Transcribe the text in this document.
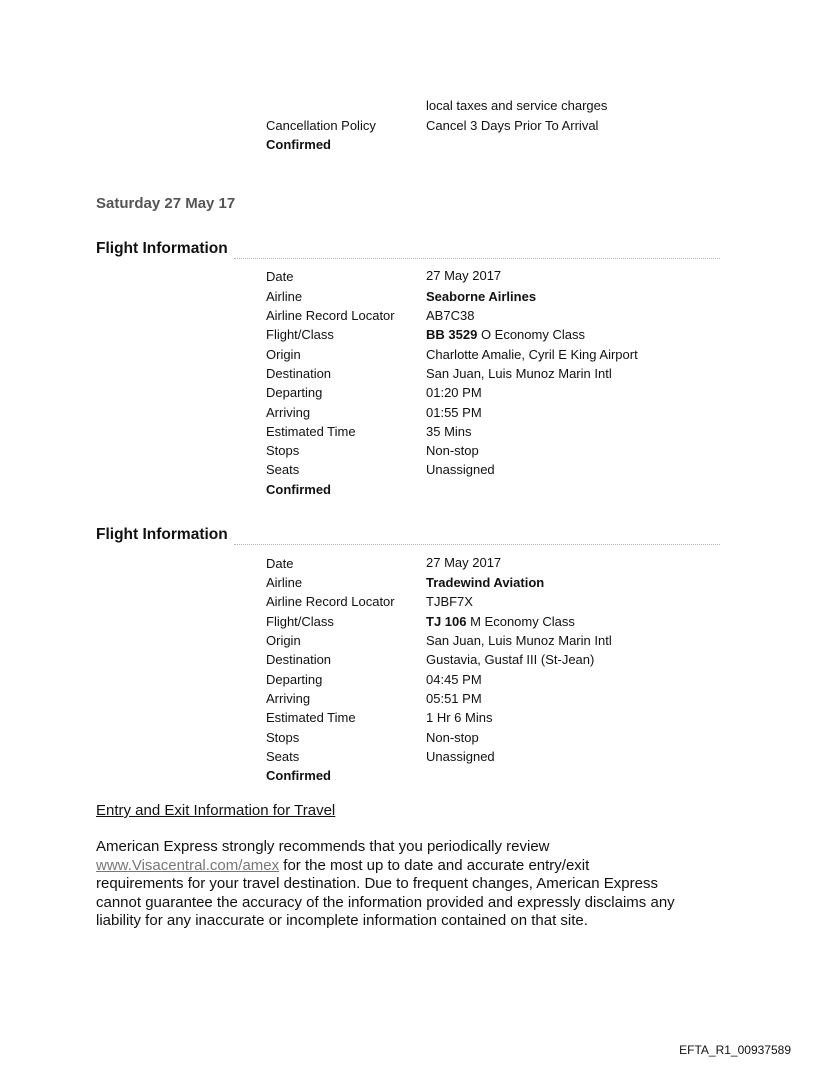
local taxes and service charges
Cancellation Policy	Cancel 3 Days Prior To Arrival
Confirmed
Saturday 27 May 17
Flight Information
Date	27 May 2017
Airline	Seaborne Airlines
Airline Record Locator AB7C38
Flight/Class	BB 3529 O Economy Class
Origin	Charlotte Amalie, Cyril E King Airport
Destination	San Juan, Luis Munoz Marin Intl
Departing	01:20 PM
Arriving	01:55 PM
Estimated Time	35 Mins
Stops	Non-stop
Seats	Unassigned
Confirmed
Flight Information
Date	27 May 2017
Airline	Tradewind Aviation
Airline Record Locator TJBF7X
Flight/Class	TJ 106 M Economy Class
Origin	San Juan, Luis Munoz Marin Intl
Destination	Gustavia, Gustaf III (St-Jean)
Departing	04:45 PM
Arriving	05:51 PM
Estimated Time	1 Hr 6 Mins
Stops	Non-stop
Seats	Unassigned
Confirmed
Entry and Exit Information for Travel
American Express strongly recommends that you periodically review
www.Visacentral.com/amex for the most up to date and accurate entry/exit
requirements for your travel destination. Due to frequent changes, American Express
cannot guarantee the accuracy of the information provided and expressly disclaims any
liability for any inaccurate or incomplete information contained on that site.
EFTA_R1_00937589
